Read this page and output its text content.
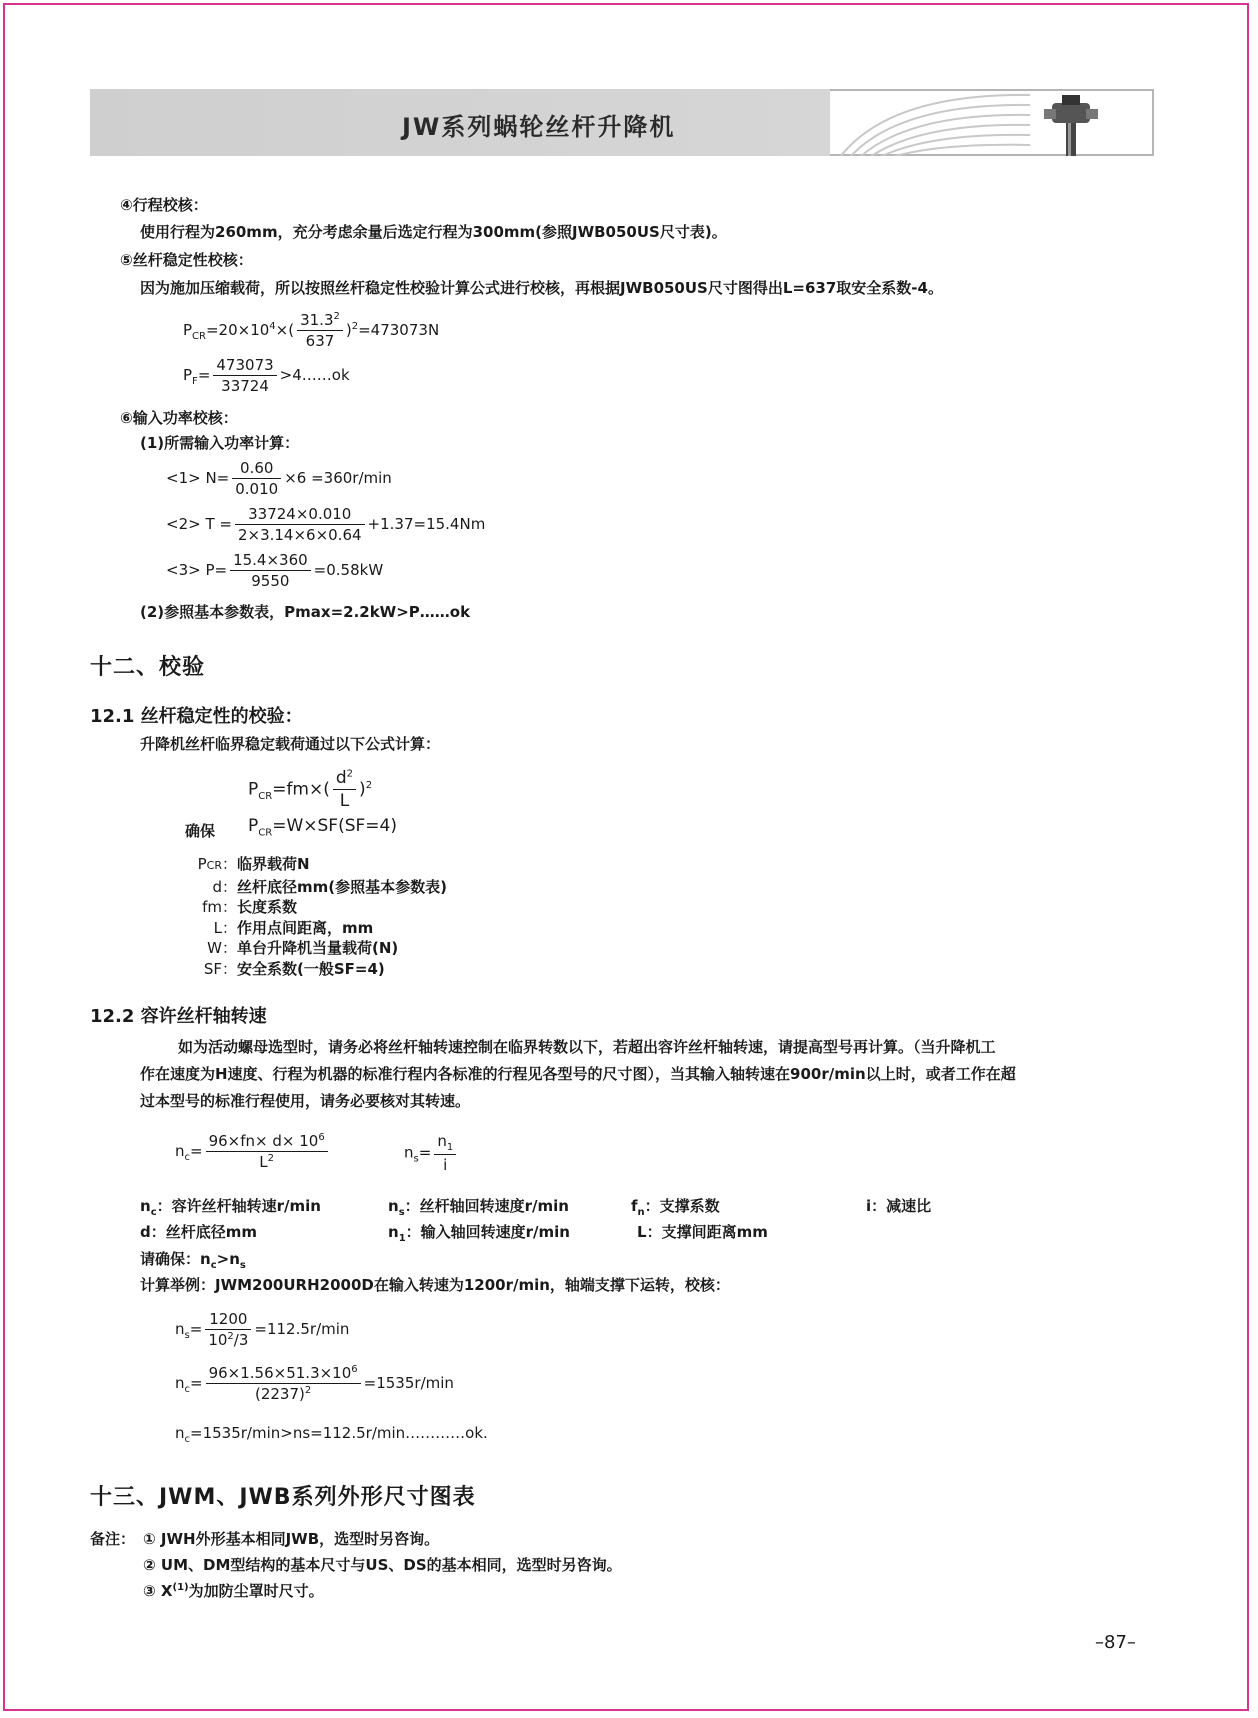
JW系列蜗轮丝杆升降机
④行程校核：
使用行程为260mm，充分考虑余量后选定行程为300mm(参照JWB050US尺寸表)。
⑤丝杆稳定性校核：
因为施加压缩载荷，所以按照丝杆稳定性校验计算公式进行校核，再根据JWB050US尺寸图得出L=637取安全系数-4。
$P_{CR}=20\times 10^4\times( \frac{31.3^2}{637} )^2=473073N$
$P_F= \frac{473073}{33724}$ >4……ok
⑥输入功率校核：
(1)所需输入功率计算：
$<1> N= \frac{0.60}{0.010} \times 6 =360r/\min$
$<2> T = \frac{33724\times 0.010}{2\times 3.14\times 6\times 0.64} +1.37=15.4Nm$
$<3> P= \frac{15.4\times 360}{9550} =0.58kW$
(2)参照基本参数表，Pmax=2.2kW>P……ok
十二、校验
12.1 丝杆稳定性的校验：
升降机丝杆临界稳定载荷通过以下公式计算：
$P_{CR}=fm\times( \frac{d^2}{L} )^2$
确保 $P_{CR}=W\times SF(SF=4)$
PCR： 临界载荷N
d： 丝杆底径mm(参照基本参数表)
fm： 长度系数
L： 作用点间距离，mm
W： 单台升降机当量载荷(N)
SF： 安全系数(一般SF=4)
12.2 容许丝杆轴转速
如为活动螺母选型时，请务必将丝杆轴转速控制在临界转数以下，若超出容许丝杆轴转速，请提高型号再计算。（当升降机工
作在速度为H速度、行程为机器的标准行程内各标准的行程见各型号的尺寸图），当其输入轴转速在900r/min以上时，或者工作在超
过本型号的标准行程使用，请务必要核对其转速。
$n_c= \frac{96\times fn\times d\times 10^6}{L^2}$	$n_s= \frac{n_1}{i}$
$n_c$：容许丝杆轴转速r/min	$n_s$：丝杆轴回转速度r/min	$f_n$：支撑系数	i：减速比
d：丝杆底径mm	$n_1$：输入轴回转速度r/min	L：支撑间距离mm
请确保：$n_c>n_s$
计算举例：JWM200URH2000D在输入转速为1200r/min，轴端支撑下运转，校核：
$n_s= \frac{1200}{10^2/3} =112.5r/\min$
$n_c= \frac{96\times 1.56\times 51.3\times 10^6}{(2237)^2} =1535r/\min$
$n_c=1535r/\min>ns=112.5r/\min\dots\dots\dots\dots ok$.
十三、JWM、JWB系列外形尺寸图表
备注： ① JWH外形基本相同JWB，选型时另咨询。
② UM、DM型结构的基本尺寸与US、DS的基本相同，选型时另咨询。
③ $X^{(1)}$为加防尘罩时尺寸。
–87–
